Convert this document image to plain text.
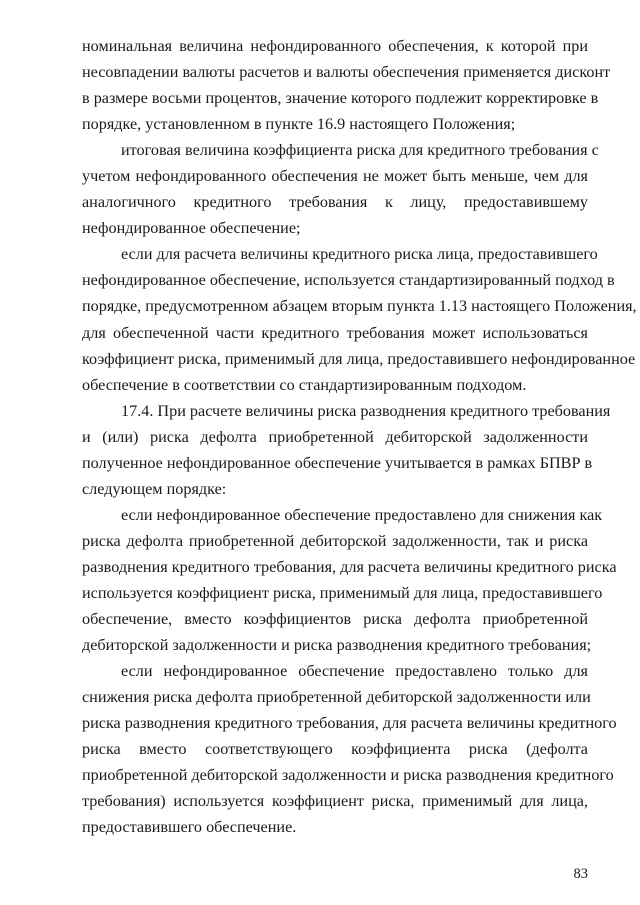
номинальная величина нефондированного обеспечения, к которой при
несовпадении валюты расчетов и валюты обеспечения применяется дисконт
в размере восьми процентов, значение которого подлежит корректировке в
порядке, установленном в пункте 16.9 настоящего Положения;
итоговая величина коэффициента риска для кредитного требования с
учетом нефондированного обеспечения не может быть меньше, чем для
аналогичного кредитного требования к лицу, предоставившему
нефондированное обеспечение;
если для расчета величины кредитного риска лица, предоставившего
нефондированное обеспечение, используется стандартизированный подход в
порядке, предусмотренном абзацем вторым пункта 1.13 настоящего Положения,
для обеспеченной части кредитного требования может использоваться
коэффициент риска, применимый для лица, предоставившего нефондированное
обеспечение в соответствии со стандартизированным подходом.
17.4. При расчете величины риска разводнения кредитного требования
и (или) риска дефолта приобретенной дебиторской задолженности
полученное нефондированное обеспечение учитывается в рамках БПВР в
следующем порядке:
если нефондированное обеспечение предоставлено для снижения как
риска дефолта приобретенной дебиторской задолженности, так и риска
разводнения кредитного требования, для расчета величины кредитного риска
используется коэффициент риска, применимый для лица, предоставившего
обеспечение, вместо коэффициентов риска дефолта приобретенной
дебиторской задолженности и риска разводнения кредитного требования;
если нефондированное обеспечение предоставлено только для
снижения риска дефолта приобретенной дебиторской задолженности или
риска разводнения кредитного требования, для расчета величины кредитного
риска вместо соответствующего коэффициента риска (дефолта
приобретенной дебиторской задолженности и риска разводнения кредитного
требования) используется коэффициент риска, применимый для лица,
предоставившего обеспечение.
83
